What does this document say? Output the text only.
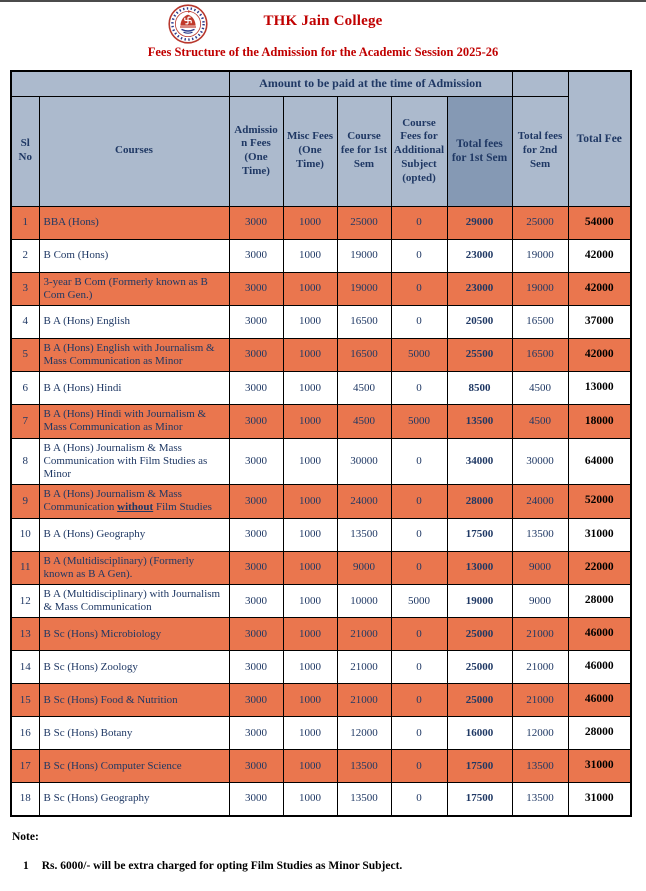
THK Jain College
Fees Structure of the Admission for the Academic Session 2025-26
		Amount to be paid at the time of Admission						Total Fee
Sl No	Courses	Admission Fees (One Time)	Misc Fees (One Time)	Course fee for 1st Sem	Course Fees for Additional Subject (opted)	Total fees for 1st Sem	Total fees for 2nd Sem	
1	BBA (Hons)	3000	1000	25000	0	29000	25000	54000
2	B Com (Hons)	3000	1000	19000	0	23000	19000	42000
3	3-year B Com (Formerly known as B Com Gen.)	3000	1000	19000	0	23000	19000	42000
4	B A (Hons) English	3000	1000	16500	0	20500	16500	37000
5	B A (Hons) English with Journalism & Mass Communication as Minor	3000	1000	16500	5000	25500	16500	42000
6	B A (Hons) Hindi	3000	1000	4500	0	8500	4500	13000
7	B A (Hons) Hindi with Journalism & Mass Communication as Minor	3000	1000	4500	5000	13500	4500	18000
8	B A (Hons) Journalism & Mass Communication with Film Studies as Minor	3000	1000	30000	0	34000	30000	64000
9	B A (Hons) Journalism & Mass Communication without Film Studies	3000	1000	24000	0	28000	24000	52000
10	B A (Hons) Geography	3000	1000	13500	0	17500	13500	31000
11	B A (Multidisciplinary) (Formerly known as B A Gen).	3000	1000	9000	0	13000	9000	22000
12	B A (Multidisciplinary) with Journalism & Mass Communication	3000	1000	10000	5000	19000	9000	28000
13	B Sc (Hons) Microbiology	3000	1000	21000	0	25000	21000	46000
14	B Sc (Hons) Zoology	3000	1000	21000	0	25000	21000	46000
15	B Sc (Hons) Food & Nutrition	3000	1000	21000	0	25000	21000	46000
16	B Sc (Hons) Botany	3000	1000	12000	0	16000	12000	28000
17	B Sc (Hons) Computer Science	3000	1000	13500	0	17500	13500	31000
18	B Sc (Hons) Geography	3000	1000	13500	0	17500	13500	31000
Note:
1 Rs. 6000/- will be extra charged for opting Film Studies as Minor Subject.
